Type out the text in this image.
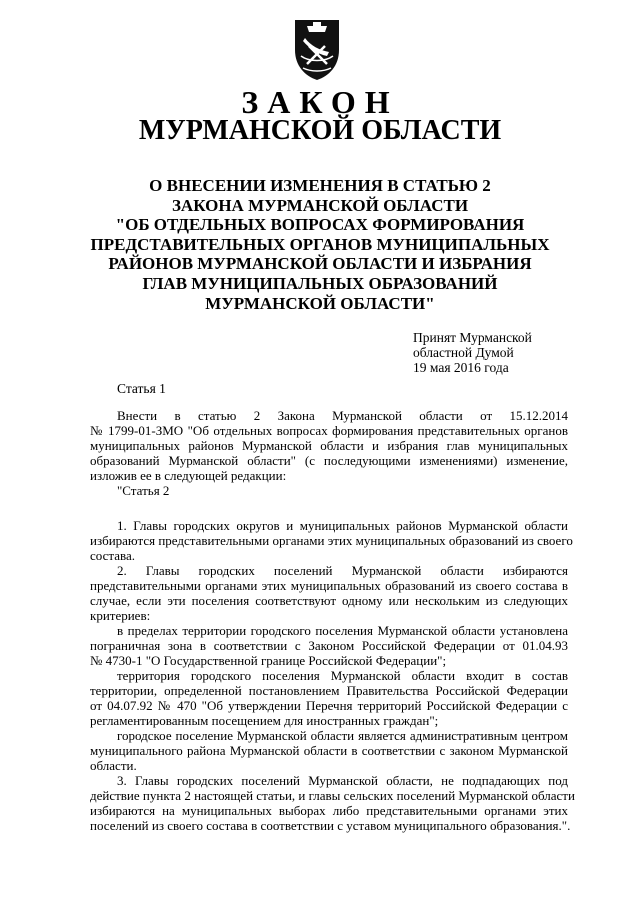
ЗАКОН
МУРМАНСКОЙ ОБЛАСТИ
О ВНЕСЕНИИ ИЗМЕНЕНИЯ В СТАТЬЮ 2
ЗАКОНА МУРМАНСКОЙ ОБЛАСТИ
"ОБ ОТДЕЛЬНЫХ ВОПРОСАХ ФОРМИРОВАНИЯ
ПРЕДСТАВИТЕЛЬНЫХ ОРГАНОВ МУНИЦИПАЛЬНЫХ
РАЙОНОВ МУРМАНСКОЙ ОБЛАСТИ И ИЗБРАНИЯ
ГЛАВ МУНИЦИПАЛЬНЫХ ОБРАЗОВАНИЙ
МУРМАНСКОЙ ОБЛАСТИ"
Принят Мурманской
областной Думой
19 мая 2016 года
Статья 1
Внести в статью 2 Закона Мурманской области от 15.12.2014
№ 1799-01-ЗМО "Об отдельных вопросах формирования представительных органов
муниципальных районов Мурманской области и избрания глав муниципальных
образований Мурманской области" (с последующими изменениями) изменение,
изложив ее в следующей редакции:
"Статья 2
1. Главы городских округов и муниципальных районов Мурманской области
избираются представительными органами этих муниципальных образований из своего
состава.
2. Главы городских поселений Мурманской области избираются
представительными органами этих муниципальных образований из своего состава в
случае, если эти поселения соответствуют одному или нескольким из следующих
критериев:
в пределах территории городского поселения Мурманской области установлена
пограничная зона в соответствии с Законом Российской Федерации от 01.04.93
№ 4730-1 "О Государственной границе Российской Федерации";
территория городского поселения Мурманской области входит в состав
территории, определенной постановлением Правительства Российской Федерации
от 04.07.92 № 470 "Об утверждении Перечня территорий Российской Федерации с
регламентированным посещением для иностранных граждан";
городское поселение Мурманской области является административным центром
муниципального района Мурманской области в соответствии с законом Мурманской
области.
3. Главы городских поселений Мурманской области, не подпадающих под
действие пункта 2 настоящей статьи, и главы сельских поселений Мурманской области
избираются на муниципальных выборах либо представительными органами этих
поселений из своего состава в соответствии с уставом муниципального образования.".
